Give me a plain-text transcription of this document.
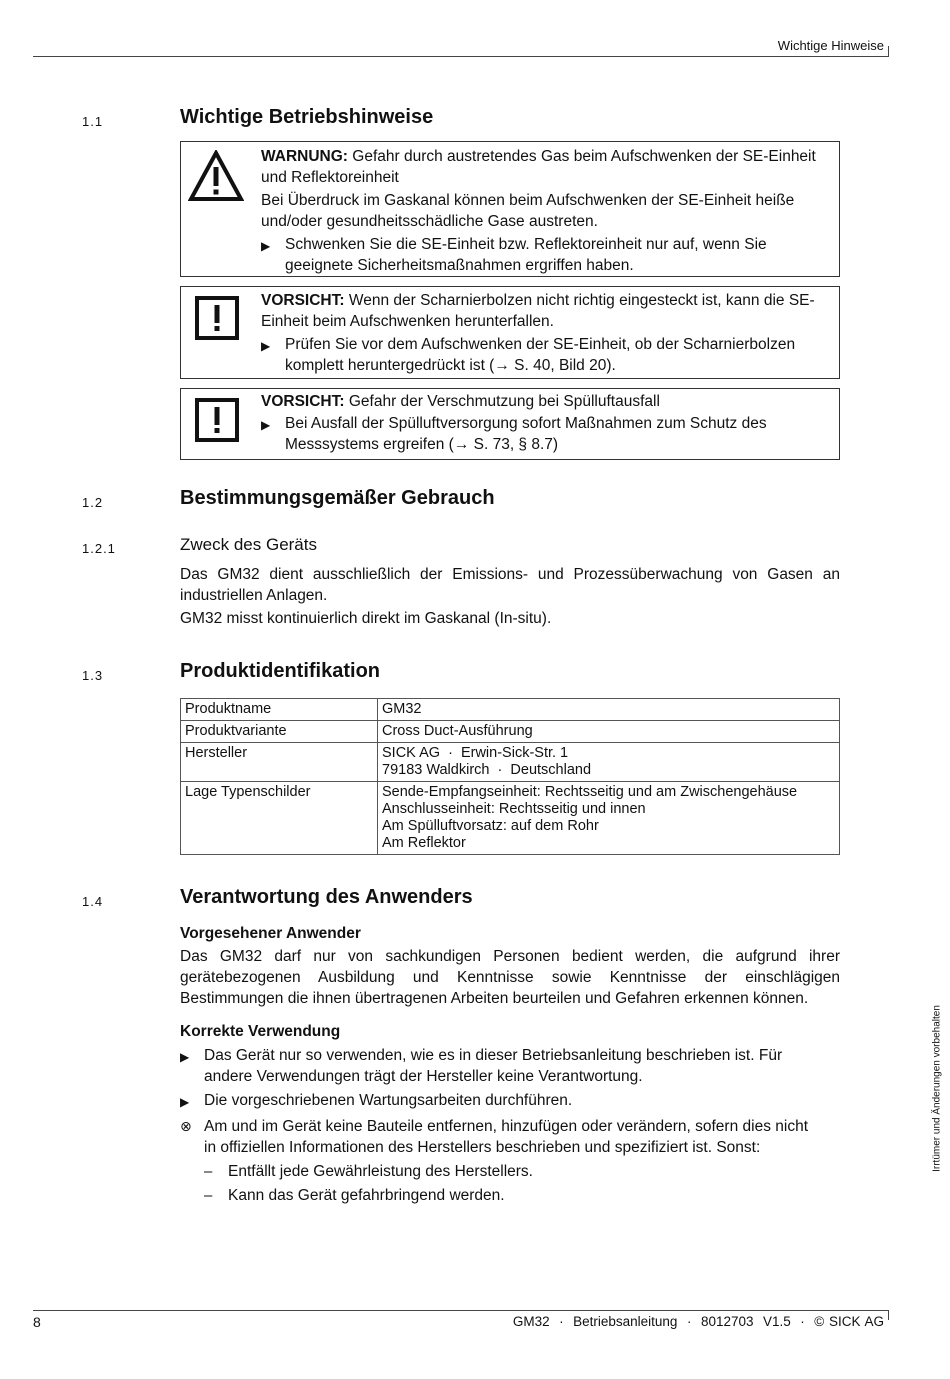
Wichtige Hinweise
1.1	Wichtige Betriebshinweise
WARNUNG: Gefahr durch austretendes Gas beim Aufschwenken der SE-Einheit und Reflektoreinheit
Bei Überdruck im Gaskanal können beim Aufschwenken der SE-Einheit heiße und/oder gesundheitsschädliche Gase austreten.
▶ Schwenken Sie die SE-Einheit bzw. Reflektoreinheit nur auf, wenn Sie geeignete Sicherheitsmaßnahmen ergriffen haben.
VORSICHT: Wenn der Scharnierbolzen nicht richtig eingesteckt ist, kann die SE-Einheit beim Aufschwenken herunterfallen.
▶ Prüfen Sie vor dem Aufschwenken der SE-Einheit, ob der Scharnierbolzen komplett heruntergedrückt ist (→ S. 40, Bild 20).
VORSICHT: Gefahr der Verschmutzung bei Spülluftausfall
▶ Bei Ausfall der Spülluftversorgung sofort Maßnahmen zum Schutz des Messsystems ergreifen (→ S. 73, § 8.7)
1.2	Bestimmungsgemäßer Gebrauch
1.2.1	Zweck des Geräts
Das GM32 dient ausschließlich der Emissions- und Prozessüberwachung von Gasen an industriellen Anlagen.
GM32 misst kontinuierlich direkt im Gaskanal (In-situ).
1.3	Produktidentifikation
Produktname	GM32

Produktvariante	Cross Duct-Ausführung

Hersteller	SICK AG  ·  Erwin-Sick-Str. 1
79183 Waldkirch  ·  Deutschland

Lage Typenschilder	Sende-Empfangseinheit: Rechtsseitig und am Zwischengehäuse
Anschlusseinheit: Rechtsseitig und innen
Am Spülluftvorsatz: auf dem Rohr
Am Reflektor
1.4	Verantwortung des Anwenders
Vorgesehener Anwender
Das GM32 darf nur von sachkundigen Personen bedient werden, die aufgrund ihrer gerätebezogenen Ausbildung und Kenntnisse sowie Kenntnisse der einschlägigen Bestimmungen die ihnen übertragenen Arbeiten beurteilen und Gefahren erkennen können.
Korrekte Verwendung
▶ Das Gerät nur so verwenden, wie es in dieser Betriebsanleitung beschrieben ist. Für andere Verwendungen trägt der Hersteller keine Verantwortung.
▶ Die vorgeschriebenen Wartungsarbeiten durchführen.
⊗ Am und im Gerät keine Bauteile entfernen, hinzufügen oder verändern, sofern dies nicht in offiziellen Informationen des Herstellers beschrieben und spezifiziert ist. Sonst:
–	Entfällt jede Gewährleistung des Herstellers.
–	Kann das Gerät gefahrbringend werden.
Irrtümer und Änderungen vorbehalten
8	GM32  ·  Betriebsanleitung  ·  8012703  V1.5  ·  © SICK AG
